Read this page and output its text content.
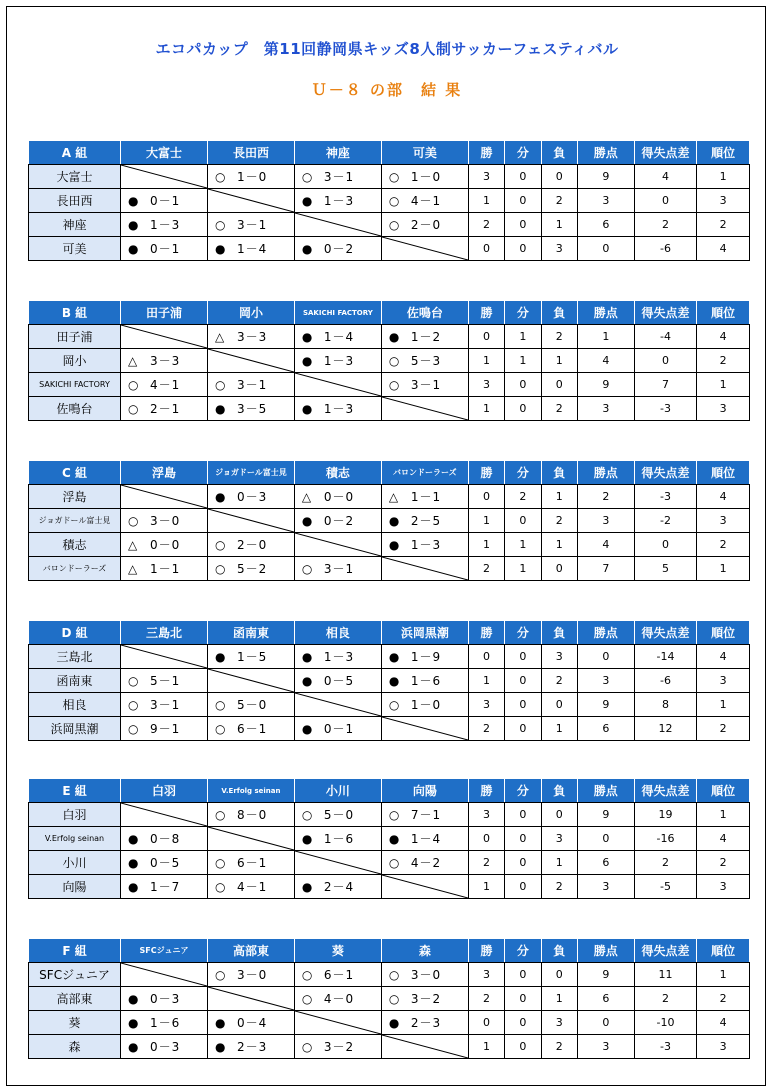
エコパカップ　第11回静岡県キッズ8人制サッカーフェスティバル
Ｕ－８ の部　結 果
A 組	大富士	長田西	神座	可美	勝	分	負	勝点	得失点差	順位
大富士		○ 1－0	○ 3－1	○ 1－0	3	0	0	9	4	1
長田西	● 0－1		● 1－3	○ 4－1	1	0	2	3	0	3
神座	● 1－3	○ 3－1		○ 2－0	2	0	1	6	2	2
可美	● 0－1	● 1－4	● 0－2		0	0	3	0	-6	4
B 組	田子浦	岡小	SAKICHI FACTORY	佐鳴台	勝	分	負	勝点	得失点差	順位
田子浦		△ 3－3	● 1－4	● 1－2	0	1	2	1	-4	4
岡小	△ 3－3		● 1－3	○ 5－3	1	1	1	4	0	2
SAKICHI FACTORY	○ 4－1	○ 3－1		○ 3－1	3	0	0	9	7	1
佐鳴台	○ 2－1	● 3－5	● 1－3		1	0	2	3	-3	3
C 組	浮島	ジョガドール富士見	積志	バロンドーラーズ	勝	分	負	勝点	得失点差	順位
浮島		● 0－3	△ 0－0	△ 1－1	0	2	1	2	-3	4
ジョガドール富士見	○ 3－0		● 0－2	● 2－5	1	0	2	3	-2	3
積志	△ 0－0	○ 2－0		● 1－3	1	1	1	4	0	2
バロンドーラーズ	△ 1－1	○ 5－2	○ 3－1		2	1	0	7	5	1
D 組	三島北	函南東	相良	浜岡黒潮	勝	分	負	勝点	得失点差	順位
三島北		● 1－5	● 1－3	● 1－9	0	0	3	0	-14	4
函南東	○ 5－1		● 0－5	● 1－6	1	0	2	3	-6	3
相良	○ 3－1	○ 5－0		○ 1－0	3	0	0	9	8	1
浜岡黒潮	○ 9－1	○ 6－1	● 0－1		2	0	1	6	12	2
E 組	白羽	V.Erfolg seinan	小川	向陽	勝	分	負	勝点	得失点差	順位
白羽		○ 8－0	○ 5－0	○ 7－1	3	0	0	9	19	1
V.Erfolg seinan	● 0－8		● 1－6	● 1－4	0	0	3	0	-16	4
小川	● 0－5	○ 6－1		○ 4－2	2	0	1	6	2	2
向陽	● 1－7	○ 4－1	● 2－4		1	0	2	3	-5	3
F 組	SFCジュニア	高部東	葵	森	勝	分	負	勝点	得失点差	順位
SFCジュニア		○ 3－0	○ 6－1	○ 3－0	3	0	0	9	11	1
高部東	● 0－3		○ 4－0	○ 3－2	2	0	1	6	2	2
葵	● 1－6	● 0－4		● 2－3	0	0	3	0	-10	4
森	● 0－3	● 2－3	○ 3－2		1	0	2	3	-3	3
